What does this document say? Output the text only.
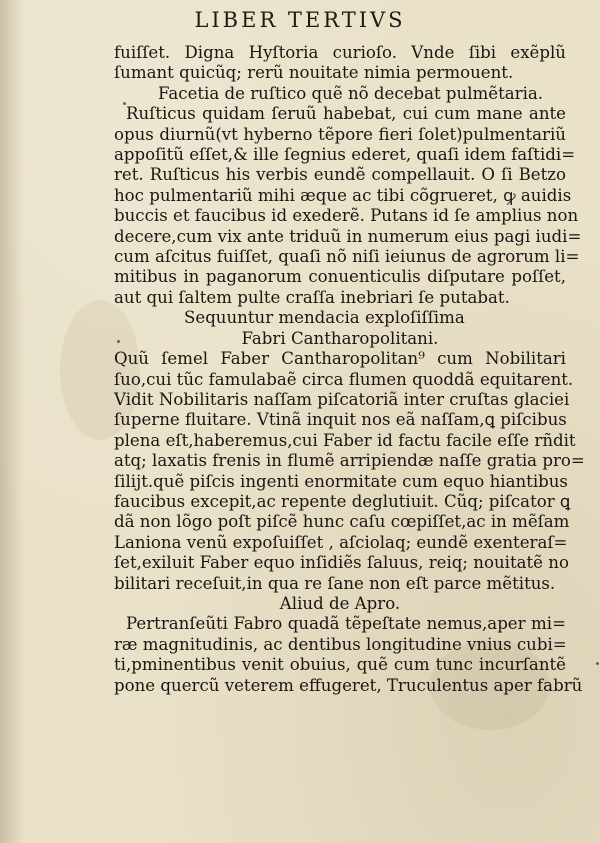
LIBER TERTIVS
fuiſſet. Digna Hyſtoria curioſo. Vnde ſibi exẽplũ
ſumant quicũq; rerũ nouitate nimia permouent.
Facetia de ruſtico quẽ nõ decebat pulmẽtaria.
Ruſticus quidam ſeruũ habebat, cui cum mane ante
opus diurnũ(vt hyberno tẽpore fieri ſolet)pulmentariũ
appoſitũ eſſet,& ille ſegnius ederet, quaſi idem faſtidi=
ret. Ruſticus his verbis eundẽ compellauit. O ſi Betzo
hoc pulmentariũ mihi æque ac tibi cõgrueret, ꝙ auidis
buccis et faucibus id exederẽ. Putans id ſe amplius non
decere,cum vix ante triduũ in numerum eius pagi iudi=
cum aſcitus fuiſſet, quaſi nõ niſi ieiunus de agrorum li=
mitibus in paganorum conuenticulis diſputare poſſet,
aut qui ſaltem pulte craſſa inebriari ſe putabat.
Sequuntur mendacia exploſiſſima
Fabri Cantharopolitani.
Quũ ſemel Faber Cantharopolitan⁹ cum Nobilitari
ſuo,cui tũc famulabaẽ circa flumen quoddã equitarent.
Vidit Nobilitaris naſſam piſcatoriã inter cruſtas glaciei
ſuperne fluitare. Vtinã inquit nos eã naſſam,ꝗ piſcibus
plena eſt,haberemus,cui Faber id factu facile eſſe rñdit
atq; laxatis frenis in flumẽ arripiendæ naſſe gratia pro=
ſilijt.quẽ piſcis ingenti enormitate cum equo hiantibus
faucibus excepit,ac repente deglutiuit. Cũq; piſcator ꝗ
dã non lõgo poſt piſcẽ hunc caſu cœpiſſet,ac in mẽſam
Laniona venũ expoſuiſſet , aſciolaq; eundẽ exenteraſ=
ſet,exiluit Faber equo inſidiẽs ſaluus, reiq; nouitatẽ no
bilitari receſuit,in qua re ſane non eſt parce mẽtitus.
Aliud de Apro.
Pertranſeũti Fabro quadã tẽpeſtate nemus,aper mi=
ræ magnitudinis, ac dentibus longitudine vnius cubi=
ti,pminentibus venit obuius, quẽ cum tunc incurſantẽ
pone quercũ veterem effugeret, Truculentus aper fabrũ
